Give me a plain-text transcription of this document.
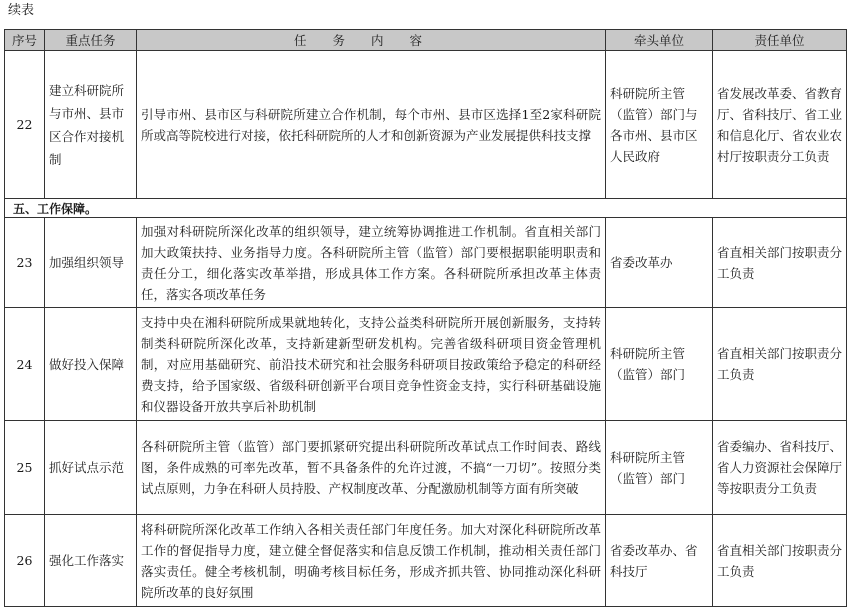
续表
序号	重点任务	任务内容	牵头单位	责任单位
22	建立科研院所与市州、县市区合作对接机制	引导市州、县市区与科研院所建立合作机制，每个市州、县市区选择1至2家科研院所或高等院校进行对接，依托科研院所的人才和创新资源为产业发展提供科技支撑	科研院所主管（监管）部门与各市州、县市区人民政府	省发展改革委、省教育厅、省科技厅、省工业和信息化厅、省农业农村厅按职责分工负责
五、工作保障。				
23	加强组织领导	加强对科研院所深化改革的组织领导，建立统筹协调推进工作机制。省直相关部门加大政策扶持、业务指导力度。各科研院所主管（监管）部门要根据职能明职责和责任分工，细化落实改革举措，形成具体工作方案。各科研院所承担改革主体责任，落实各项改革任务	省委改革办	省直相关部门按职责分工负责
24	做好投入保障	支持中央在湘科研院所成果就地转化，支持公益类科研院所开展创新服务，支持转制类科研院所深化改革，支持新建新型研发机构。完善省级科研项目资金管理机制，对应用基础研究、前沿技术研究和社会服务科研项目按政策给予稳定的科研经费支持，给予国家级、省级科研创新平台项目竞争性资金支持，实行科研基础设施和仪器设备开放共享后补助机制	科研院所主管（监管）部门	省直相关部门按职责分工负责
25	抓好试点示范	各科研院所主管（监管）部门要抓紧研究提出科研院所改革试点工作时间表、路线图，条件成熟的可率先改革，暂不具备条件的允许过渡，不搞“一刀切”。按照分类试点原则，力争在科研人员持股、产权制度改革、分配激励机制等方面有所突破	科研院所主管（监管）部门	省委编办、省科技厅、省人力资源社会保障厅等按职责分工负责
26	强化工作落实	将科研院所深化改革工作纳入各相关责任部门年度任务。加大对深化科研院所改革工作的督促指导力度，建立健全督促落实和信息反馈工作机制，推动相关责任部门落实责任。健全考核机制，明确考核目标任务，形成齐抓共管、协同推动深化科研院所改革的良好氛围	省委改革办、省科技厅	省直相关部门按职责分工负责
